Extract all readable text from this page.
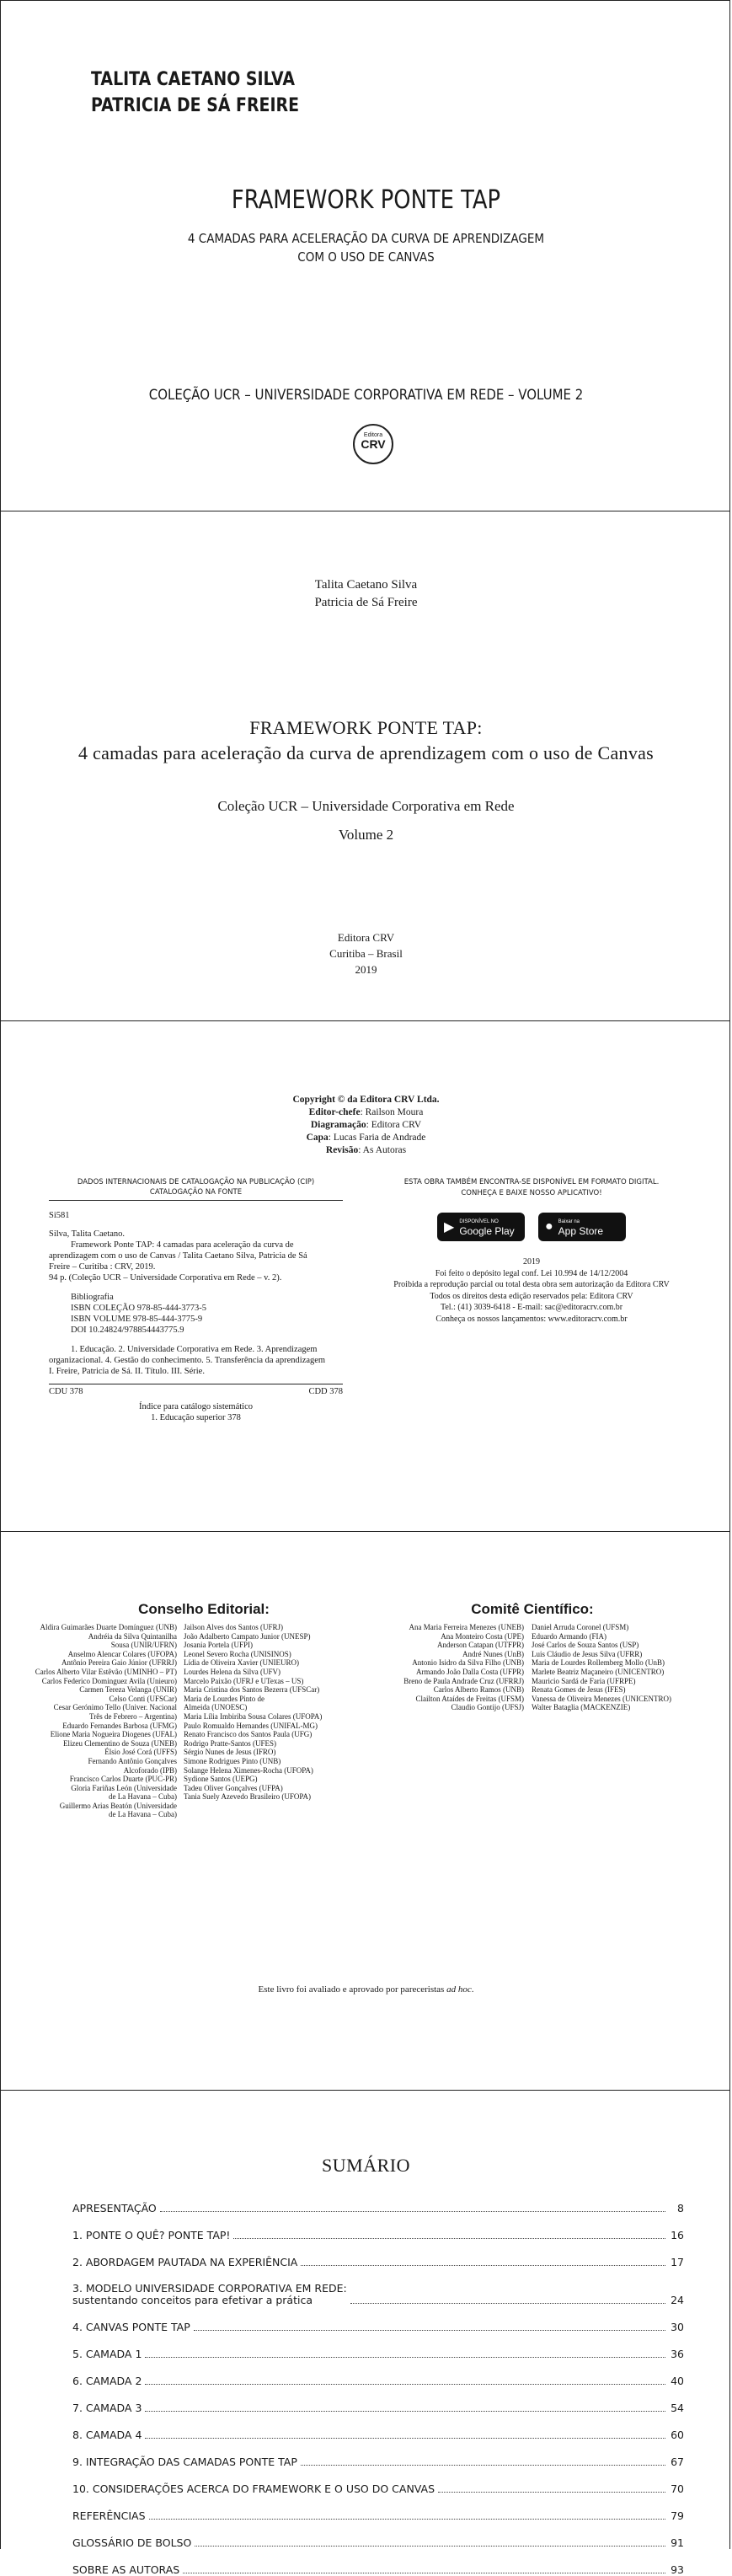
TALITA CAETANO SILVA
PATRICIA DE SÁ FREIRE
FRAMEWORK PONTE TAP
4 CAMADAS PARA ACELERAÇÃO DA CURVA DE APRENDIZAGEM
COM O USO DE CANVAS
COLEÇÃO UCR – UNIVERSIDADE CORPORATIVA EM REDE – VOLUME 2
Editora
CRV
Talita Caetano Silva
Patricia de Sá Freire
FRAMEWORK PONTE TAP:
4 camadas para aceleração da curva de aprendizagem com o uso de Canvas
Coleção UCR – Universidade Corporativa em Rede
Volume 2
Editora CRV
Curitiba – Brasil
2019
Copyright © da Editora CRV Ltda.
Editor-chefe: Railson Moura
Diagramação: Editora CRV
Capa: Lucas Faria de Andrade
Revisão: As Autoras
DADOS INTERNACIONAIS DE CATALOGAÇÃO NA PUBLICAÇÃO (CIP)
CATALOGAÇÃO NA FONTE
Si581
Silva, Talita Caetano.
Framework Ponte TAP: 4 camadas para aceleração da curva de
aprendizagem com o uso de Canvas / Talita Caetano Silva, Patricia de Sá
Freire – Curitiba : CRV, 2019.
94 p. (Coleção UCR – Universidade Corporativa em Rede – v. 2).
Bibliografia
ISBN COLEÇÃO 978-85-444-3773-5
ISBN VOLUME 978-85-444-3775-9
DOI 10.24824/978854443775.9
1. Educação. 2. Universidade Corporativa em Rede. 3. Aprendizagem
organizacional. 4. Gestão do conhecimento. 5. Transferência da aprendizagem
I. Freire, Patricia de Sá. II. Título. III. Série.
CDU 378	CDD 378
Índice para catálogo sistemático
1. Educação superior 378
ESTA OBRA TAMBÉM ENCONTRA-SE DISPONÍVEL EM FORMATO DIGITAL.
CONHEÇA E BAIXE NOSSO APLICATIVO!
▶ DISPONÍVEL NO
Google Play ● Baixar na
App Store
2019
Foi feito o depósito legal conf. Lei 10.994 de 14/12/2004
Proibida a reprodução parcial ou total desta obra sem autorização da Editora CRV
Todos os direitos desta edição reservados pela: Editora CRV
Tel.: (41) 3039-6418 - E-mail: sac@editoracrv.com.br
Conheça os nossos lançamentos: www.editoracrv.com.br
Conselho Editorial:	Comitê Científico:
Aldira Guimarães Duarte Domínguez (UNB)
Andréia da Silva Quintanilha
Sousa (UNIR/UFRN)
Anselmo Alencar Colares (UFOPA)
Antônio Pereira Gaio Júnior (UFRRJ)
Carlos Alberto Vilar Estêvão (UMINHO – PT)
Carlos Federico Dominguez Avila (Unieuro)
Carmen Tereza Velanga (UNIR)
Celso Conti (UFSCar)
Cesar Gerónimo Tello (Univer. Nacional
Três de Febrero – Argentina)
Eduardo Fernandes Barbosa (UFMG)
Elione Maria Nogueira Diogenes (UFAL)
Elizeu Clementino de Souza (UNEB)
Élsio José Corá (UFFS)
Fernando Antônio Gonçalves
Alcoforado (IPB)
Francisco Carlos Duarte (PUC-PR)
Gloria Fariñas León (Universidade
de La Havana – Cuba)
Guillermo Arias Beatón (Universidade
de La Havana – Cuba)
Jailson Alves dos Santos (UFRJ)
João Adalberto Campato Junior (UNESP)
Josania Portela (UFPI)
Leonel Severo Rocha (UNISINOS)
Lídia de Oliveira Xavier (UNIEURO)
Lourdes Helena da Silva (UFV)
Marcelo Paixão (UFRJ e UTexas – US)
Maria Cristina dos Santos Bezerra (UFSCar)
Maria de Lourdes Pinto de
Almeida (UNOESC)
Maria Lília Imbiriba Sousa Colares (UFOPA)
Paulo Romualdo Hernandes (UNIFAL-MG)
Renato Francisco dos Santos Paula (UFG)
Rodrigo Pratte-Santos (UFES)
Sérgio Nunes de Jesus (IFRO)
Simone Rodrigues Pinto (UNB)
Solange Helena Ximenes-Rocha (UFOPA)
Sydione Santos (UEPG)
Tadeu Oliver Gonçalves (UFPA)
Tania Suely Azevedo Brasileiro (UFOPA)
Ana Maria Ferreira Menezes (UNEB)
Ana Monteiro Costa (UPE)
Anderson Catapan (UTFPR)
André Nunes (UnB)
Antonio Isidro da Silva Filho (UNB)
Armando João Dalla Costa (UFPR)
Breno de Paula Andrade Cruz (UFRRJ)
Carlos Alberto Ramos (UNB)
Clailton Ataídes de Freitas (UFSM)
Claudio Gontijo (UFSJ)
Daniel Arruda Coronel (UFSM)
Eduardo Armando (FIA)
José Carlos de Souza Santos (USP)
Luis Cláudio de Jesus Silva (UFRR)
Maria de Lourdes Rollemberg Mollo (UnB)
Marlete Beatriz Maçaneiro (UNICENTRO)
Mauricio Sardá de Faria (UFRPE)
Renata Gomes de Jesus (IFES)
Vanessa de Oliveira Menezes (UNICENTRO)
Walter Bataglia (MACKENZIE)
Este livro foi avaliado e aprovado por pareceristas ad hoc.
SUMÁRIO
APRESENTAÇÃO	8
1. PONTE O QUÊ? PONTE TAP!	16
2. ABORDAGEM PAUTADA NA EXPERIÊNCIA	17
3. MODELO UNIVERSIDADE CORPORATIVA EM REDE:
sustentando conceitos para efetivar a prática	24
4. CANVAS PONTE TAP	30
5. CAMADA 1	36
6. CAMADA 2	40
7. CAMADA 3	54
8. CAMADA 4	60
9. INTEGRAÇÃO DAS CAMADAS PONTE TAP	67
10. CONSIDERAÇÕES ACERCA DO FRAMEWORK E O USO DO CANVAS	70
REFERÊNCIAS	79
GLOSSÁRIO DE BOLSO	91
SOBRE AS AUTORAS	93
